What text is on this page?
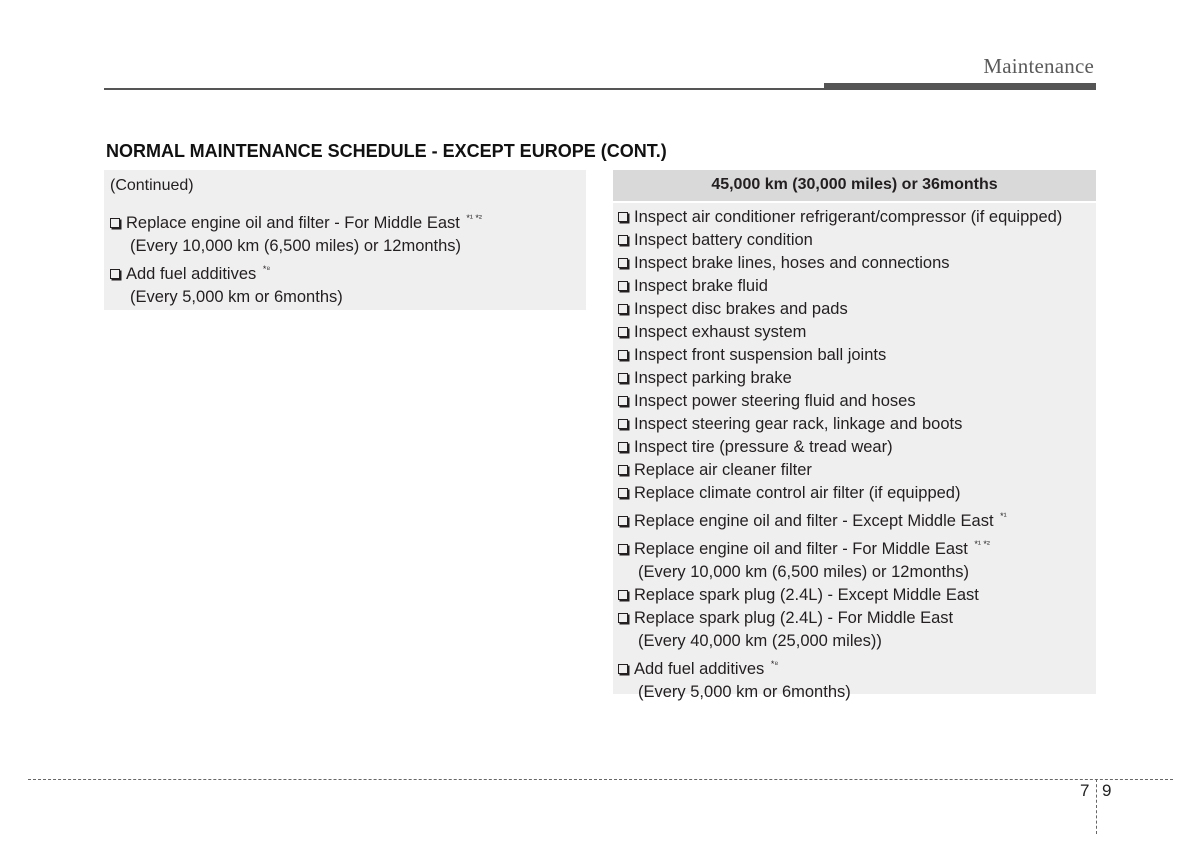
Maintenance
NORMAL MAINTENANCE SCHEDULE - EXCEPT EUROPE (CONT.)
(Continued)
Replace engine oil and filter - For Middle East $^{*^1 *^2}$
(Every 10,000 km (6,500 miles) or 12months)
Add fuel additives $^{*^8}$
(Every 5,000 km or 6months)
45,000 km (30,000 miles) or 36months
Inspect air conditioner refrigerant/compressor (if equipped)
Inspect battery condition
Inspect brake lines, hoses and connections
Inspect brake fluid
Inspect disc brakes and pads
Inspect exhaust system
Inspect front suspension ball joints
Inspect parking brake
Inspect power steering fluid and hoses
Inspect steering gear rack, linkage and boots
Inspect tire (pressure & tread wear)
Replace air cleaner filter
Replace climate control air filter (if equipped)
Replace engine oil and filter - Except Middle East $^{*^1}$
Replace engine oil and filter - For Middle East $^{*^1 *^2}$
(Every 10,000 km (6,500 miles) or 12months)
Replace spark plug (2.4L) - Except Middle East
Replace spark plug (2.4L) - For Middle East
(Every 40,000 km (25,000 miles))
Add fuel additives $^{*^8}$
(Every 5,000 km or 6months)
7 9
